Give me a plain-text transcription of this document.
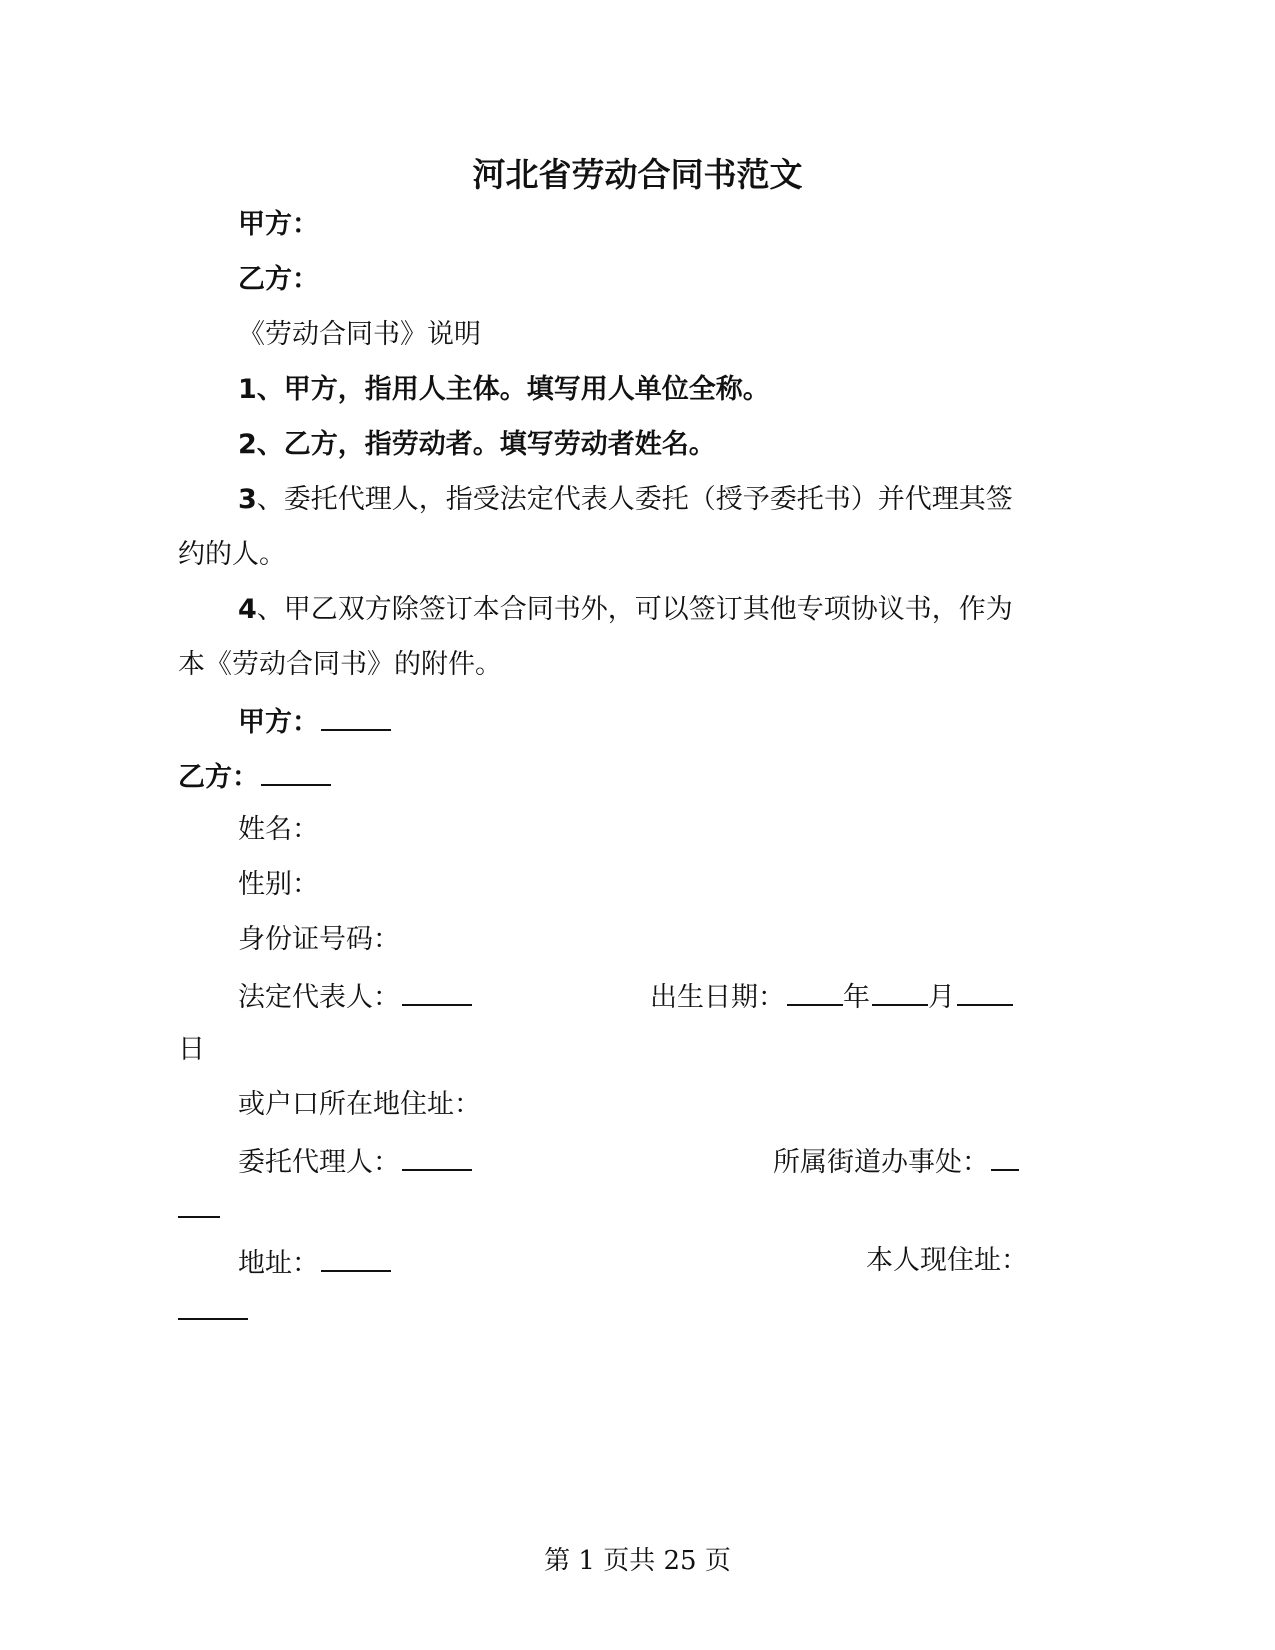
河北省劳动合同书范文
甲方：
乙方：
《劳动合同书》说明
1、甲方，指用人主体。填写用人单位全称。
2、乙方，指劳动者。填写劳动者姓名。
3、委托代理人，指受法定代表人委托（授予委托书）并代理其签
约的人。
4、甲乙双方除签订本合同书外，可以签订其他专项协议书，作为
本《劳动合同书》的附件。
甲方：
乙方：
姓名：
性别：
身份证号码：
法定代表人：	出生日期： 年 月
日
或户口所在地住址：
委托代理人：	所属街道办事处：
地址：	本人现住址：
第 1 页共 25 页
